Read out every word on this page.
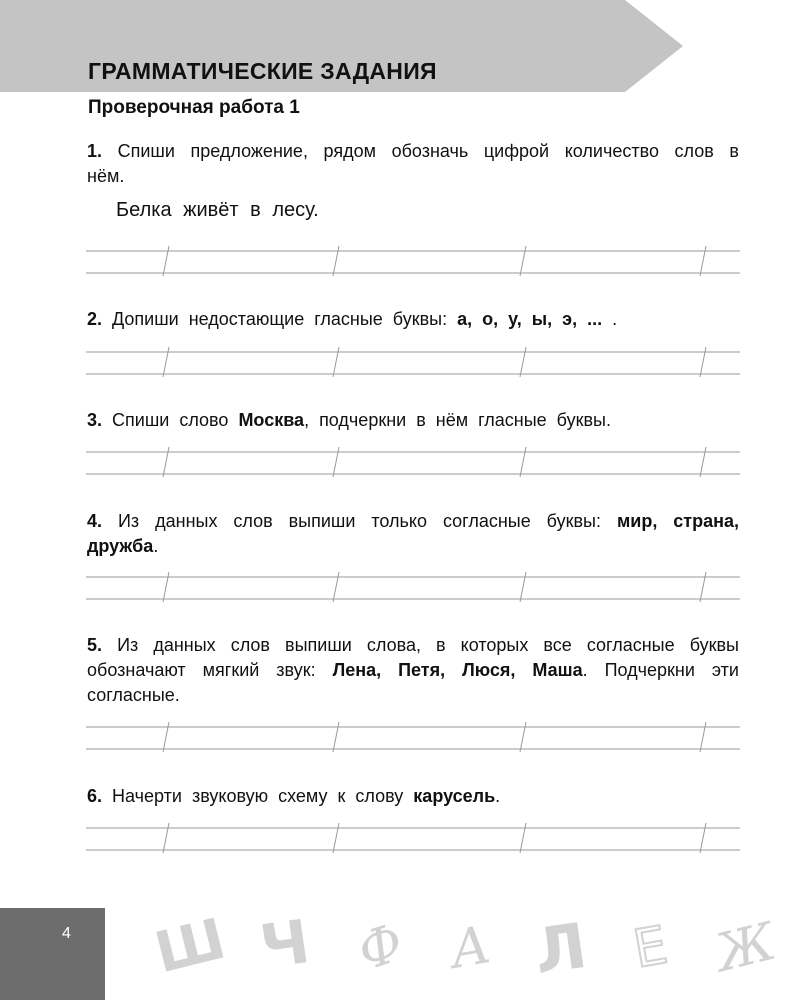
ГРАММАТИЧЕСКИЕ ЗАДАНИЯ
Проверочная работа 1

1. Спиши предложение, рядом обозначь цифрой количество слов в нём.

Белка живёт в лесу.

2. Допиши недостающие гласные буквы: а, о, у, ы, э, ... .

3. Спиши слово Москва, подчеркни в нём гласные буквы.

4. Из данных слов выпиши только согласные буквы: мир, страна, дружба.

5. Из данных слов выпиши слова, в которых все согласные буквы обозначают мягкий звук: Лена, Петя, Люся, Маша. Подчеркни эти согласные.

6. Начерти звуковую схему к слову карусель.

4 Ш Ч Ф А Л Е Ж
